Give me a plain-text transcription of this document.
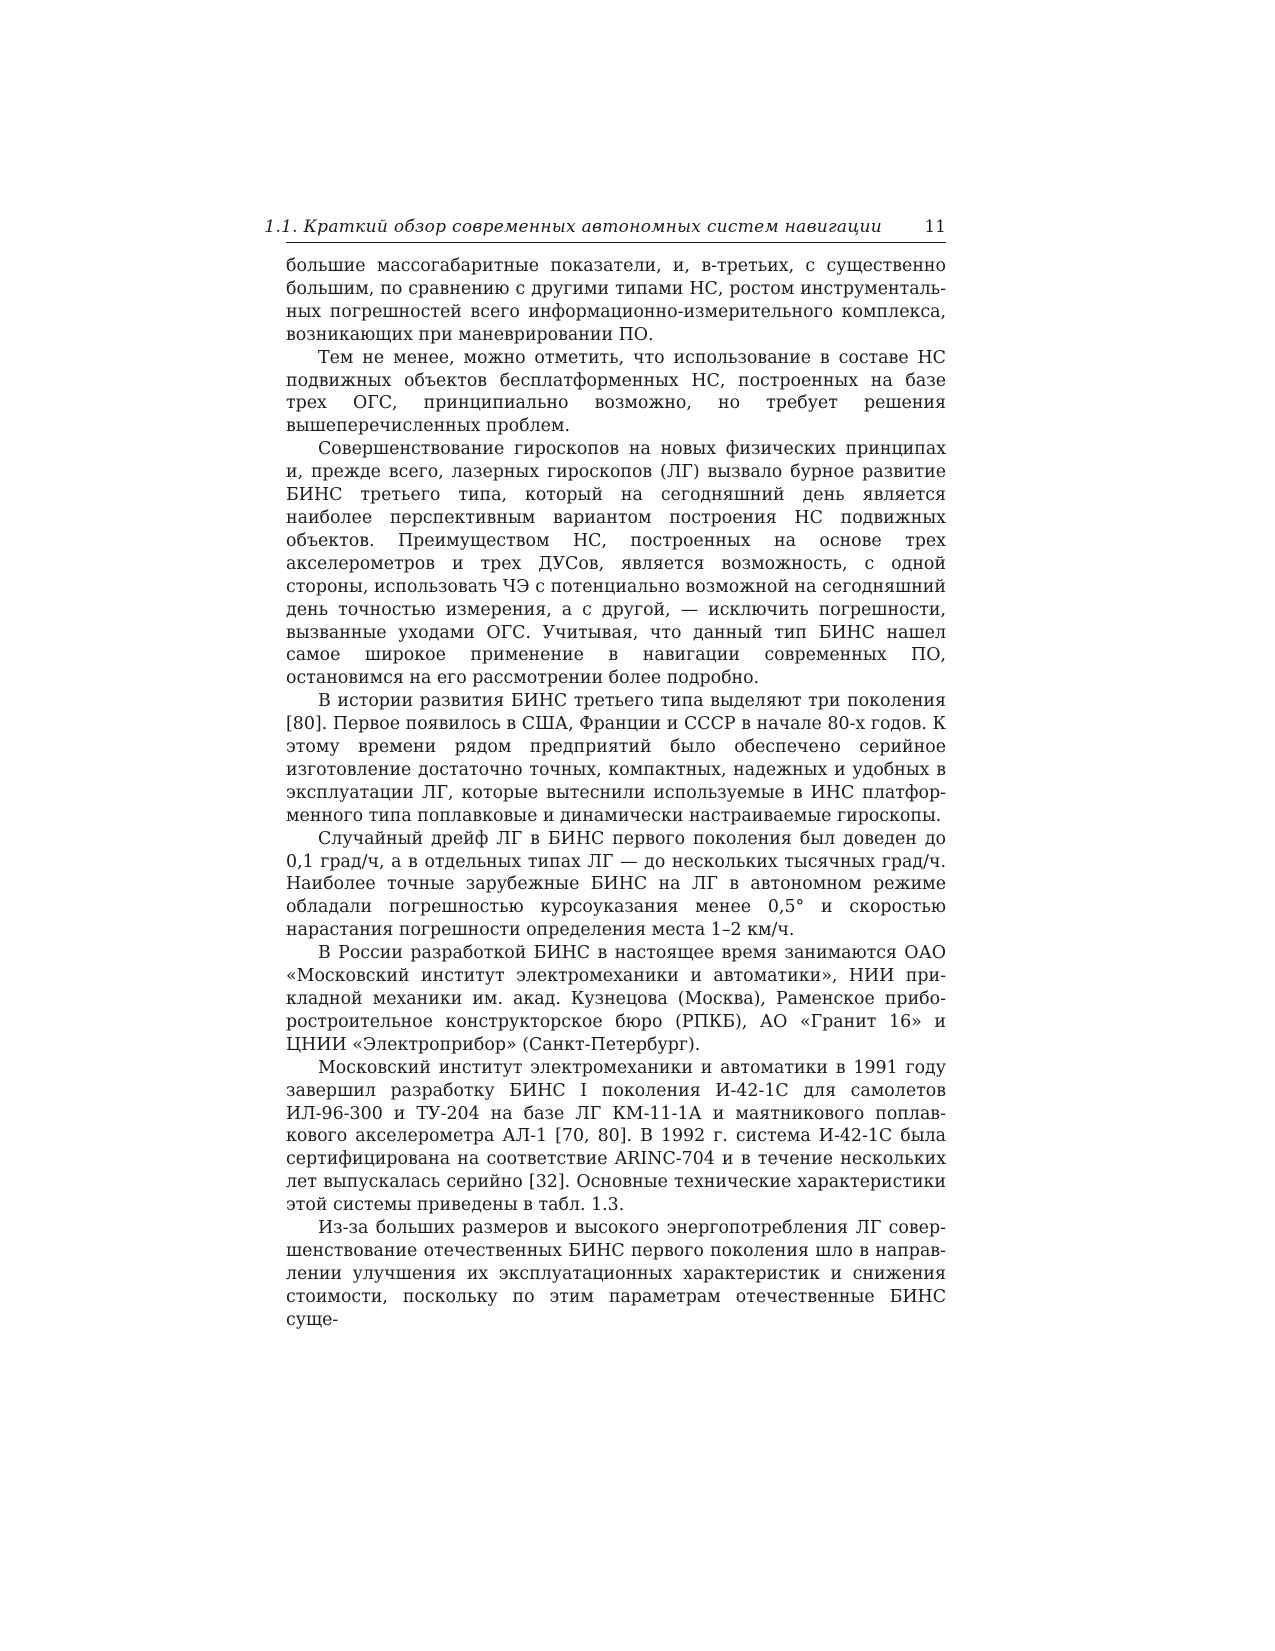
1.1. Краткий обзор современных автономных систем навигации 11

большие массогабаритные показатели, и, в-третьих, с существенно большим, по сравнению с другими типами НС, ростом инструментальных погрешностей всего информационно-измерительного комплекса, возникающих при маневрировании ПО.

Тем не менее, можно отметить, что использование в составе НС подвижных объектов бесплатформенных НС, построенных на базе трех ОГС, принципиально возможно, но требует решения вышеперечисленных проблем.

Совершенствование гироскопов на новых физических принципах и, прежде всего, лазерных гироскопов (ЛГ) вызвало бурное развитие БИНС третьего типа, который на сегодняшний день является наиболее перспективным вариантом построения НС подвижных объектов. Преимуществом НС, построенных на основе трех акселерометров и трех ДУСов, является возможность, с одной стороны, использовать ЧЭ с потенциально возможной на сегодняшний день точностью измерения, а с другой, — исключить погрешности, вызванные уходами ОГС. Учитывая, что данный тип БИНС нашел самое широкое применение в навигации современных ПО, остановимся на его рассмотрении более подробно.

В истории развития БИНС третьего типа выделяют три поколения [80]. Первое появилось в США, Франции и СССР в начале 80-х годов. К этому времени рядом предприятий было обеспечено серийное изготовление достаточно точных, компактных, надежных и удобных в эксплуатации ЛГ, которые вытеснили используемые в ИНС платформенного типа поплавковые и динамически настраиваемые гироскопы.

Случайный дрейф ЛГ в БИНС первого поколения был доведен до 0,1 град/ч, а в отдельных типах ЛГ — до нескольких тысячных град/ч. Наиболее точные зарубежные БИНС на ЛГ в автономном режиме обладали погрешностью курсоуказания менее 0,5° и скоростью нарастания погрешности определения места 1–2 км/ч.

В России разработкой БИНС в настоящее время занимаются ОАО «Московский институт электромеханики и автоматики», НИИ прикладной механики им. акад. Кузнецова (Москва), Раменское приборостроительное конструкторское бюро (РПКБ), АО «Гранит 16» и ЦНИИ «Электроприбор» (Санкт-Петербург).

Московский институт электромеханики и автоматики в 1991 году завершил разработку БИНС I поколения И-42-1С для самолетов ИЛ-96-300 и ТУ-204 на базе ЛГ КМ-11-1А и маятникового поплавкового акселерометра АЛ-1 [70, 80]. В 1992 г. система И-42-1С была сертифицирована на соответствие ARINC-704 и в течение нескольких лет выпускалась серийно [32]. Основные технические характеристики этой системы приведены в табл. 1.3.

Из-за больших размеров и высокого энергопотребления ЛГ совершенствование отечественных БИНС первого поколения шло в направлении улучшения их эксплуатационных характеристик и снижения стоимости, поскольку по этим параметрам отечественные БИНС суще-
